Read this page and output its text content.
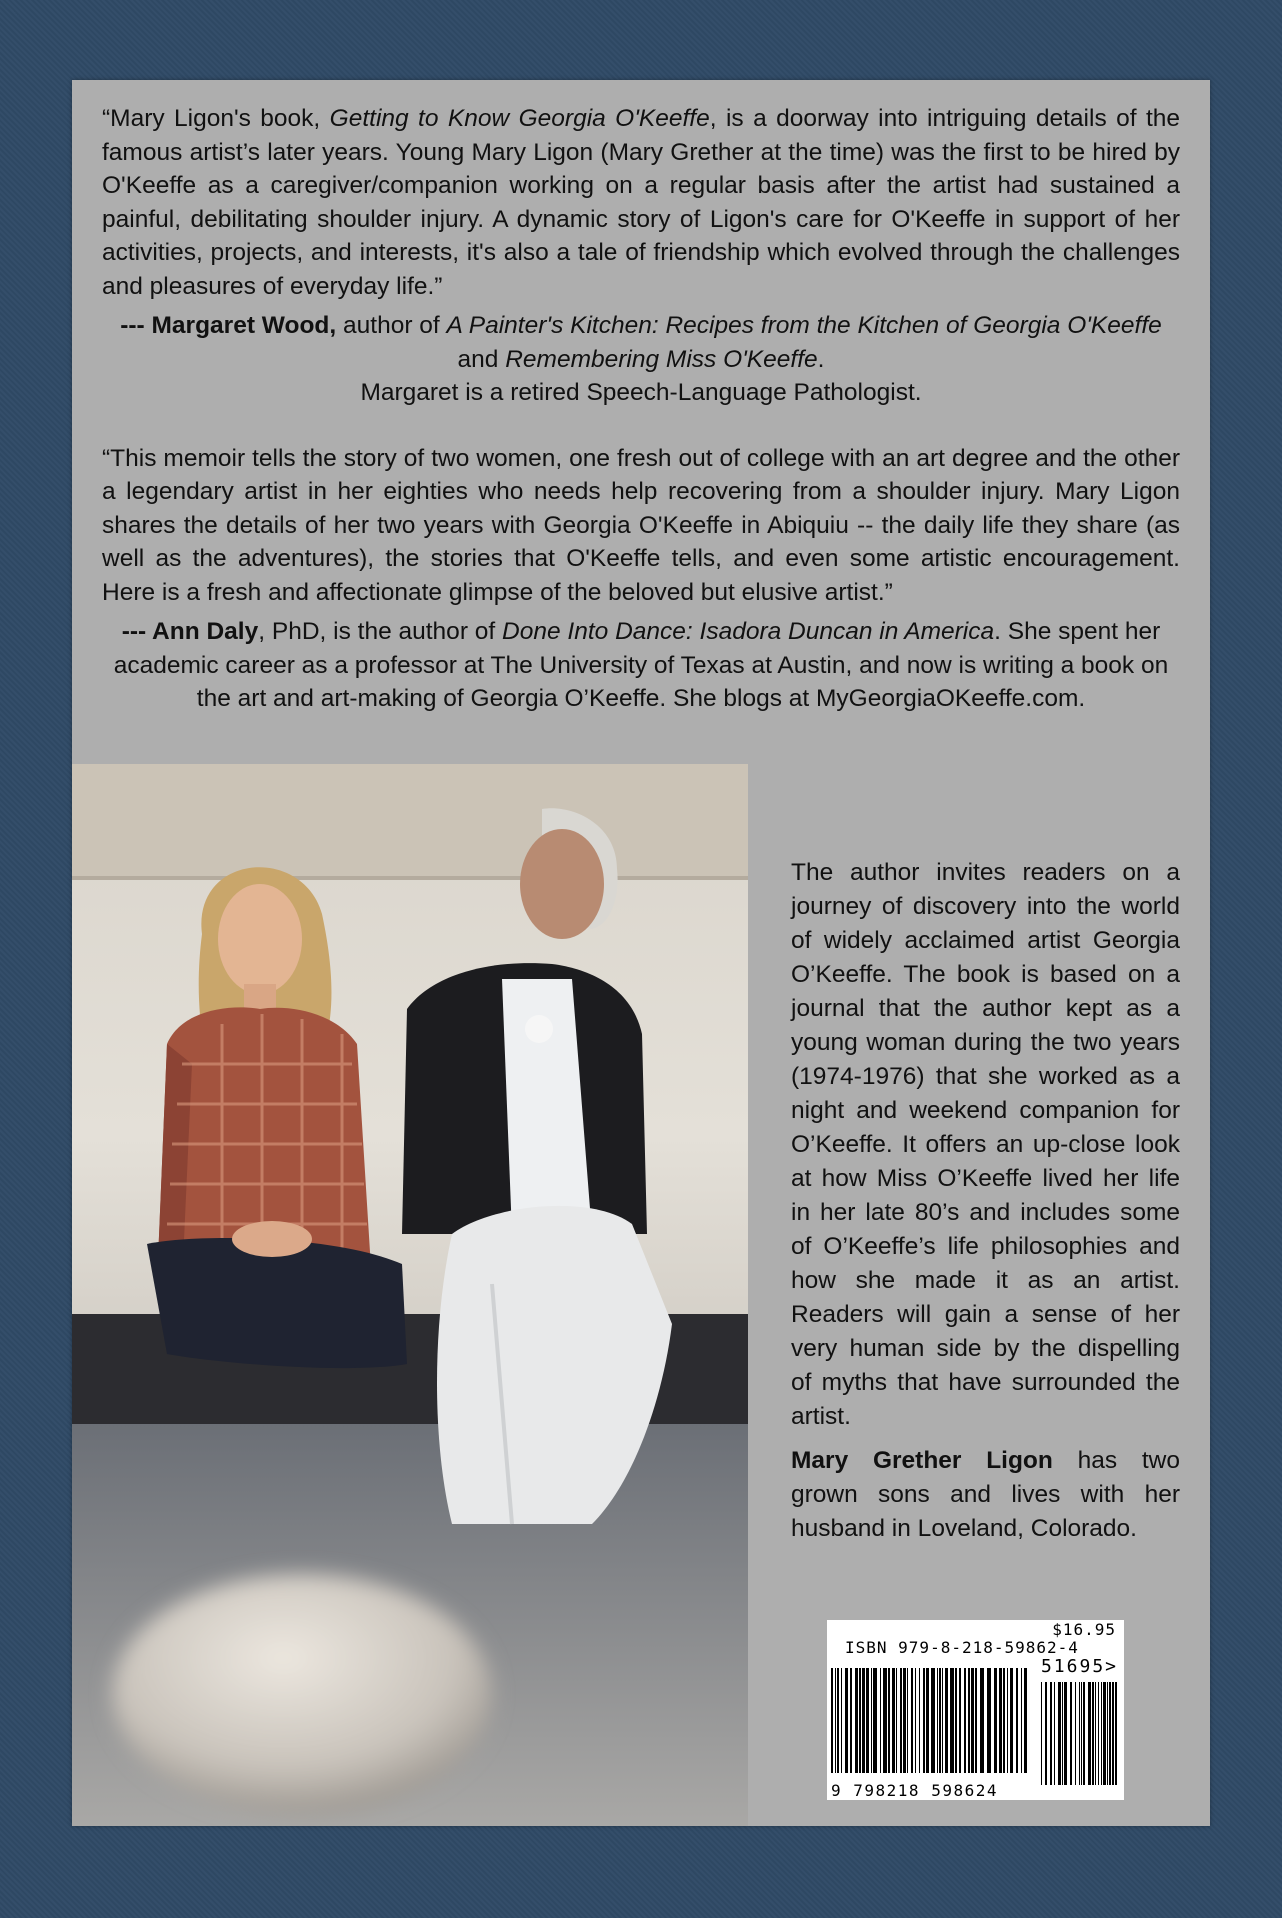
“Mary Ligon's book, Getting to Know Georgia O'Keeffe, is a doorway into intriguing details of the famous artist’s later years. Young Mary Ligon (Mary Grether at the time) was the first to be hired by O'Keeffe as a caregiver/companion working on a regular basis after the artist had sustained a painful, debilitating shoulder injury. A dynamic story of Ligon's care for O'Keeffe in support of her activities, projects, and interests, it's also a tale of friendship which evolved through the challenges and pleasures of everyday life.”

--- Margaret Wood, author of A Painter's Kitchen: Recipes from the Kitchen of Georgia O'Keeffe and Remembering Miss O'Keeffe.
Margaret is a retired Speech-Language Pathologist.

“This memoir tells the story of two women, one fresh out of college with an art degree and the other a legendary artist in her eighties who needs help recovering from a shoulder injury. Mary Ligon shares the details of her two years with Georgia O'Keeffe in Abiquiu -- the daily life they share (as well as the adventures), the stories that O'Keeffe tells, and even some artistic encouragement. Here is a fresh and affectionate glimpse of the beloved but elusive artist.”

--- Ann Daly, PhD, is the author of Done Into Dance: Isadora Duncan in America. She spent her academic career as a professor at The University of Texas at Austin, and now is writing a book on the art and art-making of Georgia O’Keeffe. She blogs at MyGeorgiaOKeeffe.com.

The author invites readers on a journey of discovery into the world of widely acclaimed artist Georgia O’Keeffe. The book is based on a journal that the author kept as a young woman during the two years (1974-1976) that she worked as a night and weekend companion for O’Keeffe. It offers an up-close look at how Miss O’Keeffe lived her life in her late 80’s and includes some of O’Keeffe’s life philosophies and how she made it as an artist. Readers will gain a sense of her very human side by the dispelling of myths that have surrounded the artist.

Mary Grether Ligon has two grown sons and lives with her husband in Loveland, Colorado.

$16.95
ISBN 979-8-218-59862-4
51695>
9 798218 598624
